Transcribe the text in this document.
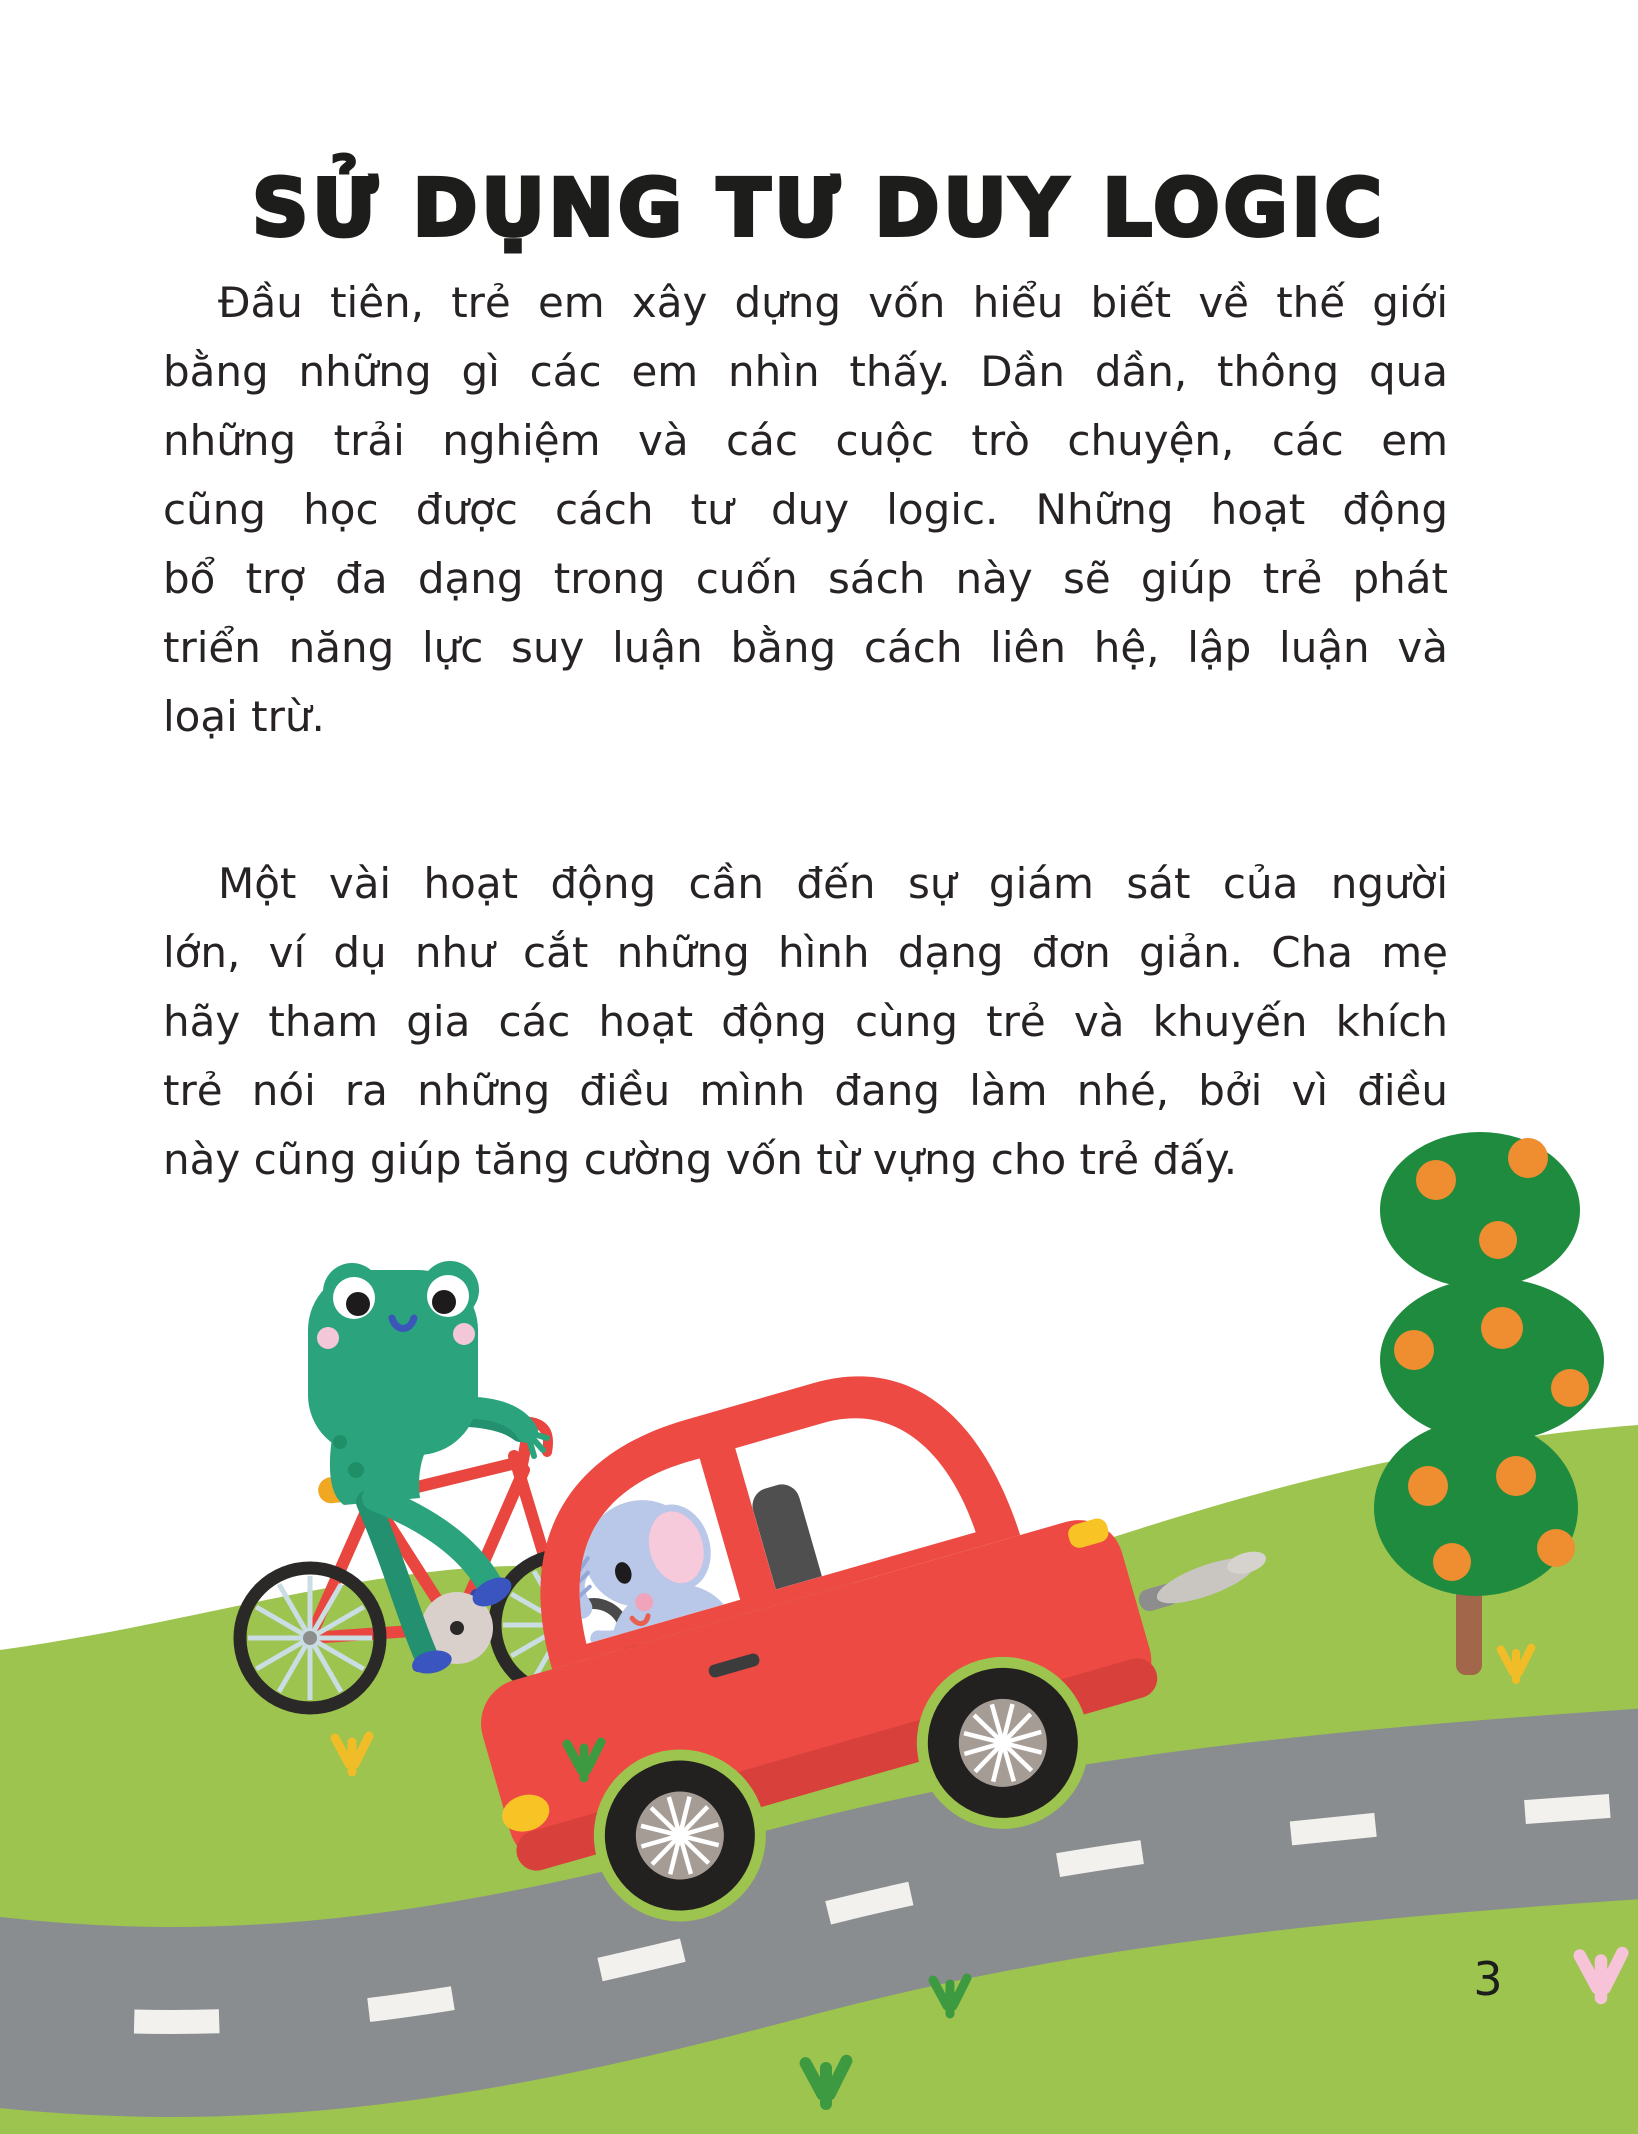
SỬ DỤNG TƯ DUY LOGIC
Đầu tiên, trẻ em xây dựng vốn hiểu biết về thế giới
bằng những gì các em nhìn thấy. Dần dần, thông qua
những trải nghiệm và các cuộc trò chuyện, các em
cũng học được cách tư duy logic. Những hoạt động
bổ trợ đa dạng trong cuốn sách này sẽ giúp trẻ phát
triển năng lực suy luận bằng cách liên hệ, lập luận và
loại trừ.
Một vài hoạt động cần đến sự giám sát của người
lớn, ví dụ như cắt những hình dạng đơn giản. Cha mẹ
hãy tham gia các hoạt động cùng trẻ và khuyến khích
trẻ nói ra những điều mình đang làm nhé, bởi vì điều
này cũng giúp tăng cường vốn từ vựng cho trẻ đấy.
3
